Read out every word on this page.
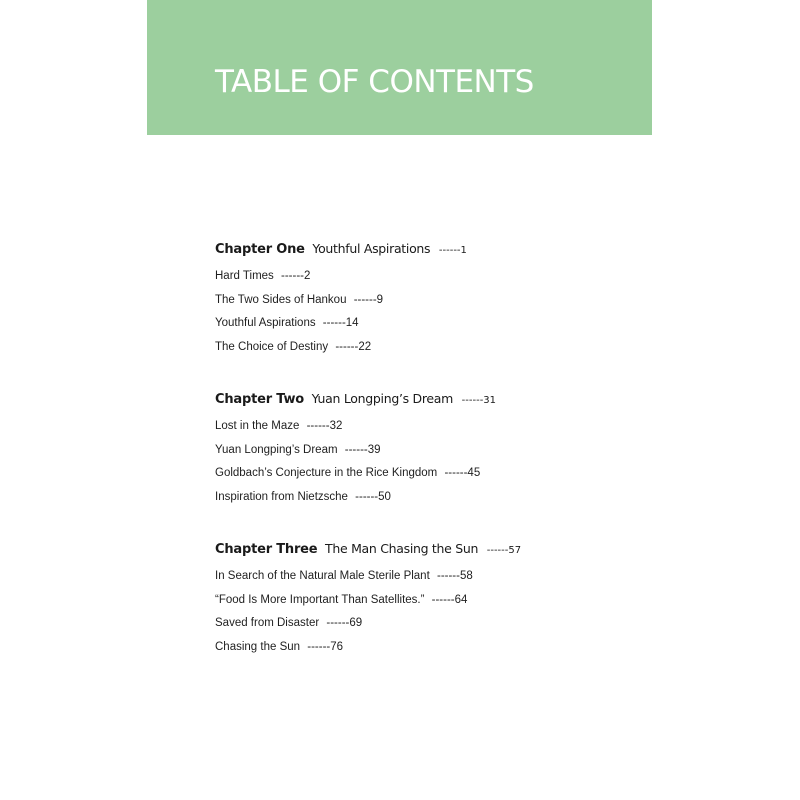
TABLE OF CONTENTS
Chapter One Youthful Aspirations ------1
Hard Times ------2
The Two Sides of Hankou ------9
Youthful Aspirations ------14
The Choice of Destiny ------22
Chapter Two Yuan Longping’s Dream ------31
Lost in the Maze ------32
Yuan Longping’s Dream ------39
Goldbach’s Conjecture in the Rice Kingdom ------45
Inspiration from Nietzsche ------50
Chapter Three The Man Chasing the Sun ------57
In Search of the Natural Male Sterile Plant ------58
“Food Is More Important Than Satellites.” ------64
Saved from Disaster ------69
Chasing the Sun ------76
